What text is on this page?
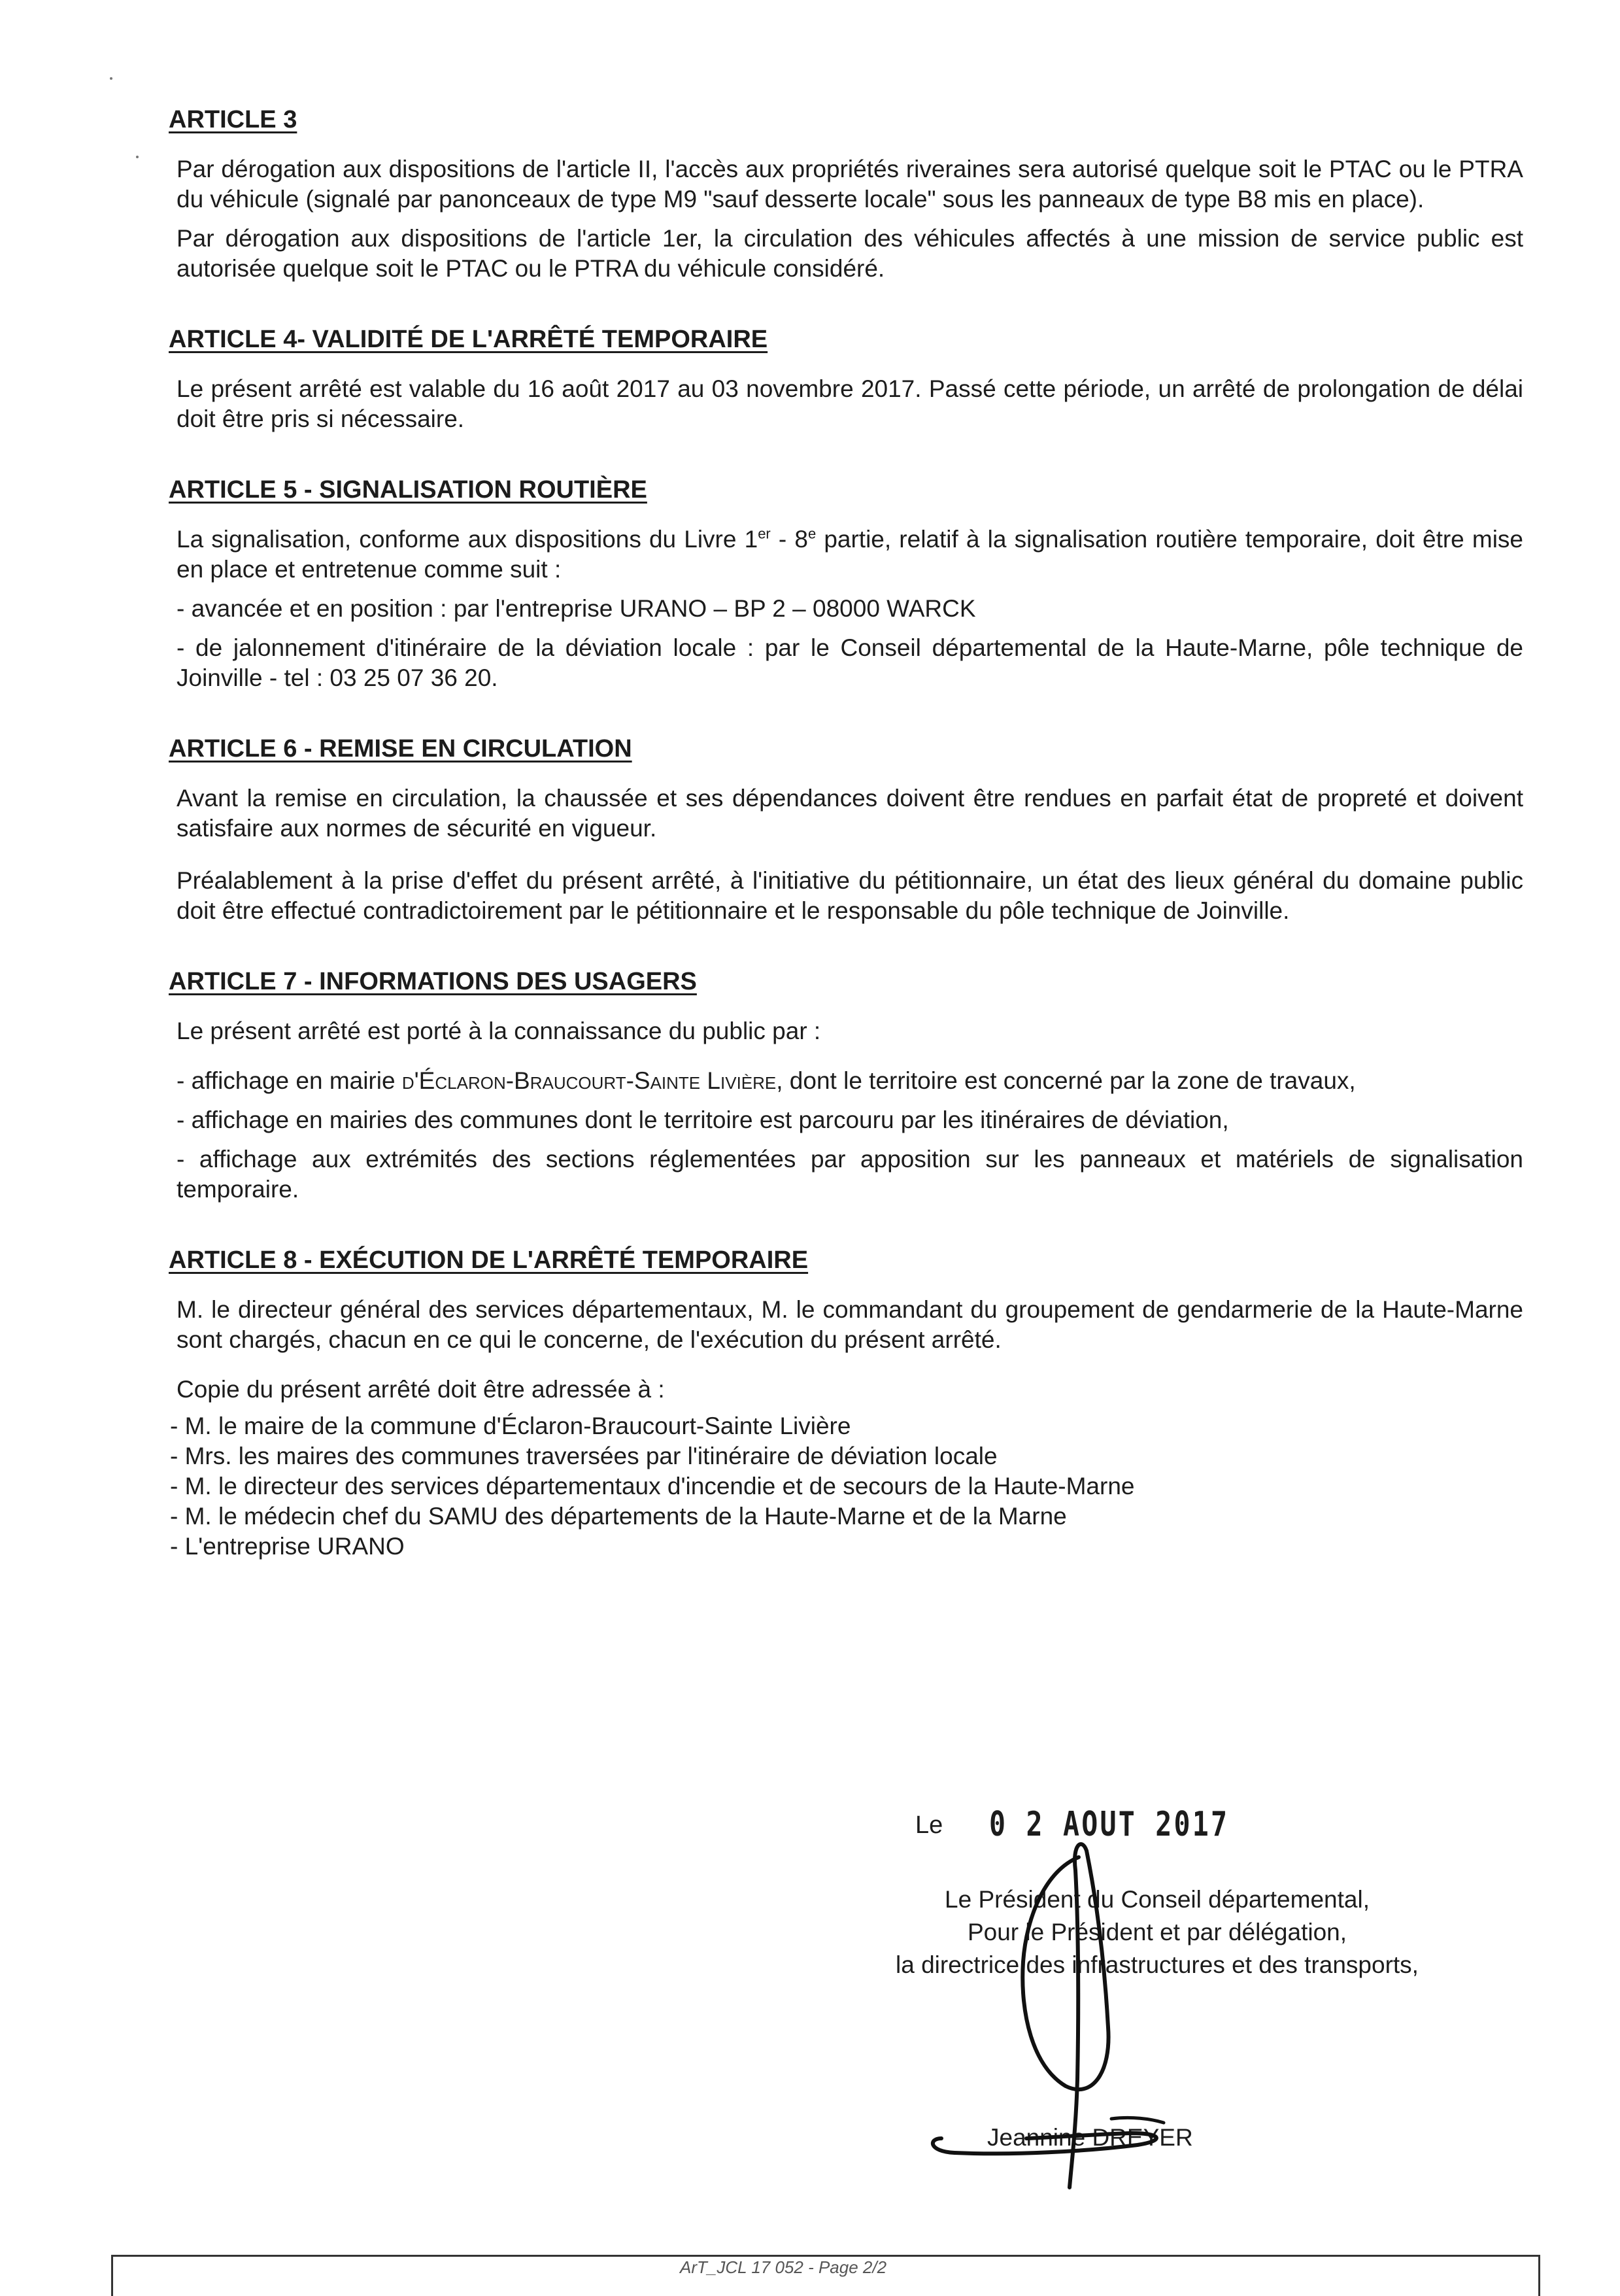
ARTICLE 3

Par dérogation aux dispositions de l'article II, l'accès aux propriétés riveraines sera autorisé quelque soit le PTAC ou le PTRA du véhicule (signalé par panonceaux de type M9 "sauf desserte locale" sous les panneaux de type B8 mis en place).

Par dérogation aux dispositions de l'article 1er, la circulation des véhicules affectés à une mission de service public est autorisée quelque soit le PTAC ou le PTRA du véhicule considéré.

ARTICLE 4- VALIDITÉ DE L'ARRÊTÉ TEMPORAIRE

Le présent arrêté est valable du 16 août 2017 au 03 novembre 2017. Passé cette période, un arrêté de prolongation de délai doit être pris si nécessaire.

ARTICLE 5 - SIGNALISATION ROUTIÈRE

La signalisation, conforme aux dispositions du Livre 1er - 8e partie, relatif à la signalisation routière temporaire, doit être mise en place et entretenue comme suit :

- avancée et en position : par l'entreprise URANO – BP 2 – 08000 WARCK

- de jalonnement d'itinéraire de la déviation locale : par le Conseil départemental de la Haute-Marne, pôle technique de Joinville - tel : 03 25 07 36 20.

ARTICLE 6 - REMISE EN CIRCULATION

Avant la remise en circulation, la chaussée et ses dépendances doivent être rendues en parfait état de propreté et doivent satisfaire aux normes de sécurité en vigueur.

Préalablement à la prise d'effet du présent arrêté, à l'initiative du pétitionnaire, un état des lieux général du domaine public doit être effectué contradictoirement par le pétitionnaire et le responsable du pôle technique de Joinville.

ARTICLE 7 - INFORMATIONS DES USAGERS

Le présent arrêté est porté à la connaissance du public par :

- affichage en mairie d'Éclaron-Braucourt-Sainte Livière, dont le territoire est concerné par la zone de travaux,

- affichage en mairies des communes dont le territoire est parcouru par les itinéraires de déviation,

- affichage aux extrémités des sections réglementées par apposition sur les panneaux et matériels de signalisation temporaire.

ARTICLE 8 - EXÉCUTION DE L'ARRÊTÉ TEMPORAIRE

M. le directeur général des services départementaux, M. le commandant du groupement de gendarmerie de la Haute-Marne sont chargés, chacun en ce qui le concerne, de l'exécution du présent arrêté.

Copie du présent arrêté doit être adressée à :

- M. le maire de la commune d'Éclaron-Braucourt-Sainte Livière
- Mrs. les maires des communes traversées par l'itinéraire de déviation locale
- M. le directeur des services départementaux d'incendie et de secours de la Haute-Marne
- M. le médecin chef du SAMU des départements de la Haute-Marne et de la Marne
- L'entreprise URANO
Le 0 2 AOUT 2017
Le Président du Conseil départemental,
Pour le Président et par délégation,
la directrice des infrastructures et des transports,
Jeannine DREYER
ArT_JCL 17 052 - Page 2/2
